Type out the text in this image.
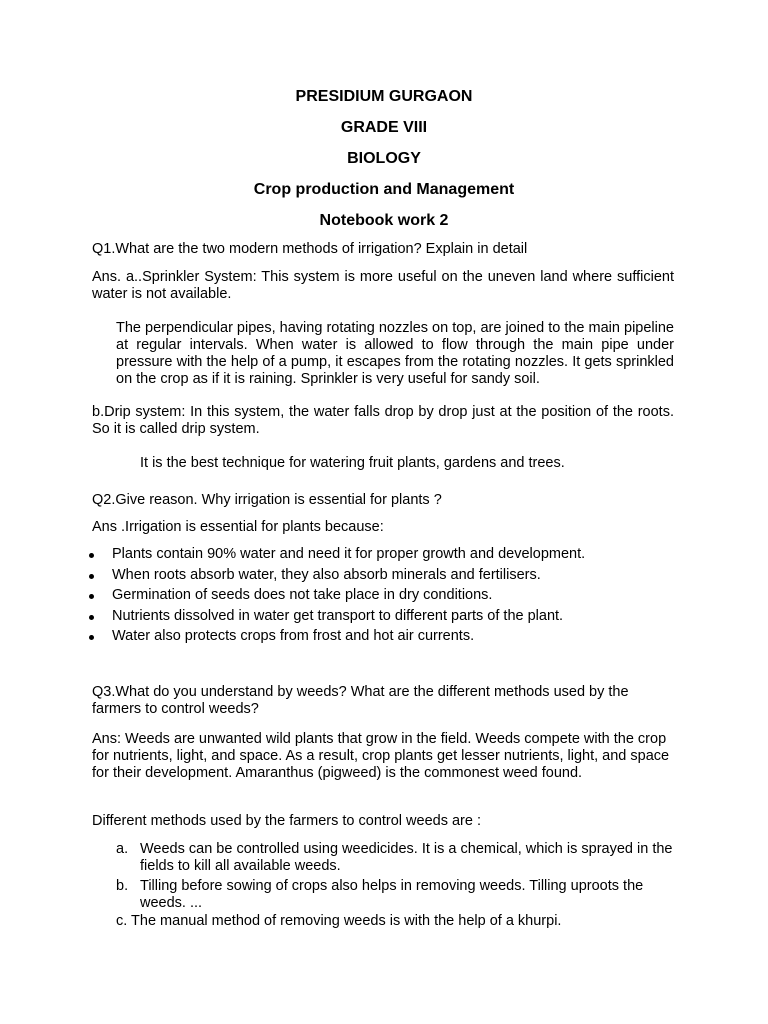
PRESIDIUM GURGAON
GRADE VIII
BIOLOGY
Crop production and Management
Notebook work 2

Q1.What are the two modern methods of irrigation? Explain in detail

Ans. a..Sprinkler System: This system is more useful on the uneven land where sufficient water is not available.

The perpendicular pipes, having rotating nozzles on top, are joined to the main pipeline at regular intervals. When water is allowed to flow through the main pipe under pressure with the help of a pump, it escapes from the rotating nozzles. It gets sprinkled on the crop as if it is raining. Sprinkler is very useful for sandy soil.

b.Drip system: In this system, the water falls drop by drop just at the position of the roots. So it is called drip system.

It is the best technique for watering fruit plants, gardens and trees.

Q2.Give reason. Why irrigation is essential for plants ?

Ans .Irrigation is essential for plants because:

Plants contain 90% water and need it for proper growth and development.
When roots absorb water, they also absorb minerals and fertilisers.
Germination of seeds does not take place in dry conditions.
Nutrients dissolved in water get transport to different parts of the plant.
Water also protects crops from frost and hot air currents.

Q3.What do you understand by weeds? What are the different methods used by the farmers to control weeds?

Ans: Weeds are unwanted wild plants that grow in the field. Weeds compete with the crop for nutrients, light, and space. As a result, crop plants get lesser nutrients, light, and space for their development. Amaranthus (pigweed) is the commonest weed found.

Different methods used by the farmers to control weeds are :

a. Weeds can be controlled using weedicides. It is a chemical, which is sprayed in the fields to kill all available weeds.
b. Tilling before sowing of crops also helps in removing weeds. Tilling uproots the weeds. ...

c. The manual method of removing weeds is with the help of a khurpi.
